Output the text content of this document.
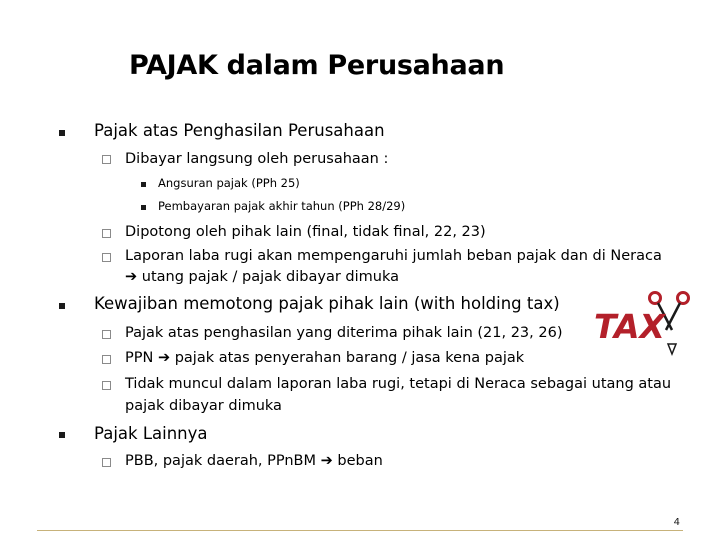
PAJAK dalam Perusahaan
Pajak atas Penghasilan Perusahaan
Dibayar langsung oleh perusahaan :
Angsuran pajak (PPh 25)
Pembayaran pajak akhir tahun (PPh 28/29)
Dipotong oleh pihak lain (final, tidak final, 22, 23)
Laporan laba rugi akan mempengaruhi jumlah beban pajak dan di Neraca
➔ utang pajak / pajak dibayar dimuka
Kewajiban memotong pajak pihak lain (with holding tax)
Pajak atas penghasilan yang diterima pihak lain (21, 23, 26)
PPN ➔ pajak atas penyerahan barang / jasa kena pajak
Tidak muncul dalam laporan laba rugi, tetapi di Neraca sebagai utang atau
pajak dibayar dimuka
TAX
Pajak Lainnya
PBB, pajak daerah, PPnBM ➔ beban
4
